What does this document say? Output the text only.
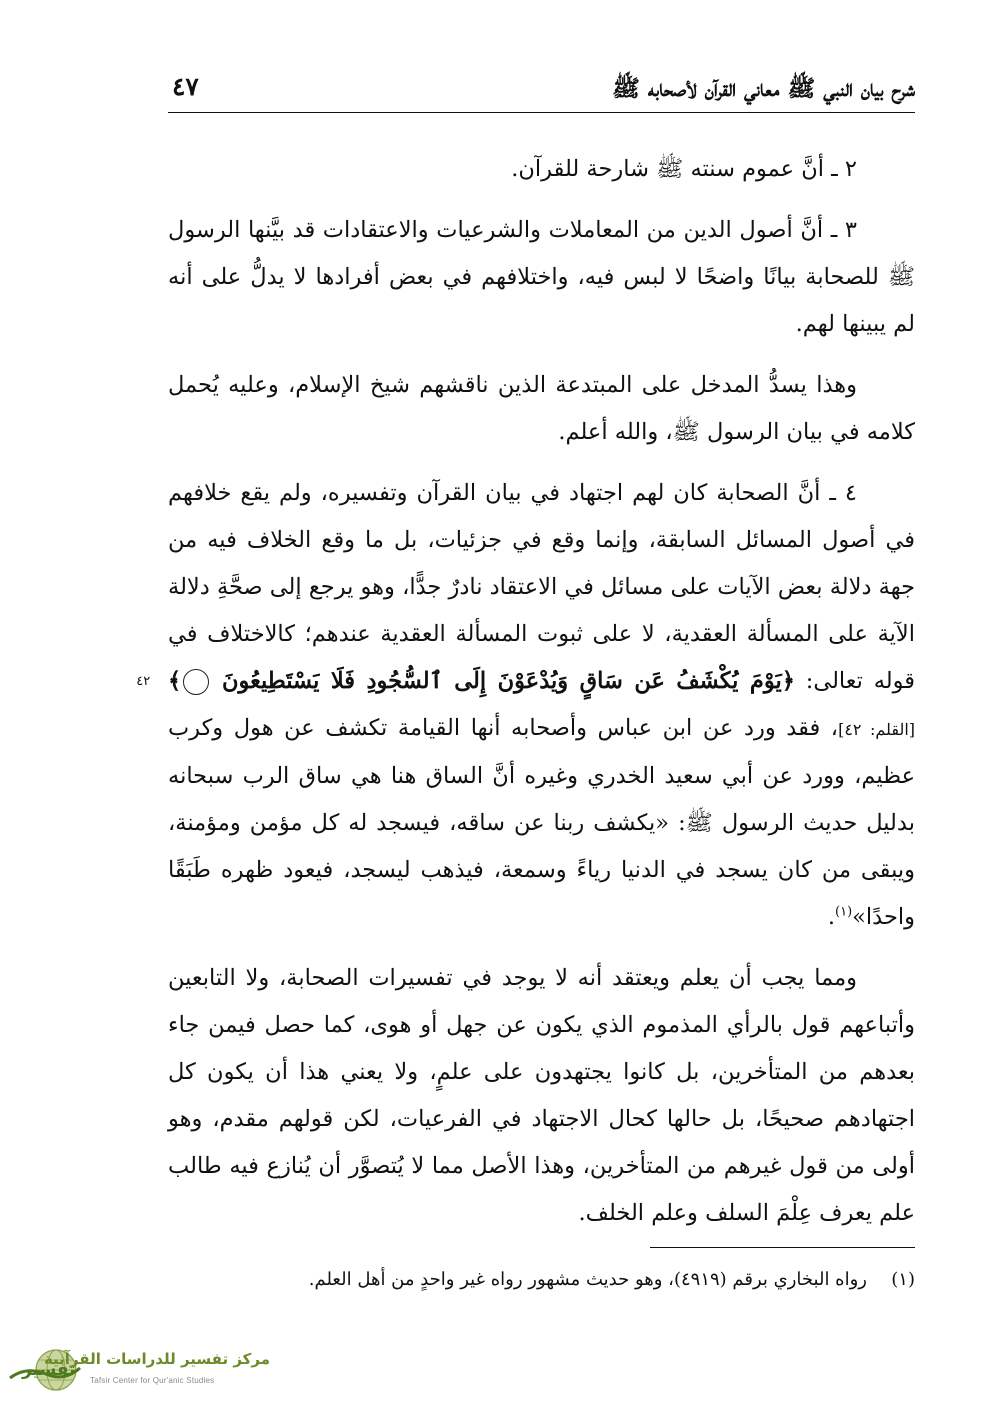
شرح بيان النبي ﷺ معاني القرآن لأصحابه ﷺ
٤٧

٢ ـ أنَّ عموم سنته ﷺ شارحة للقرآن.

٣ ـ أنَّ أصول الدين من المعاملات والشرعيات والاعتقادات قد بيَّنها الرسول ﷺ للصحابة بيانًا واضحًا لا لبس فيه، واختلافهم في بعض أفرادها لا يدلُّ على أنه لم يبينها لهم.

وهذا يسدُّ المدخل على المبتدعة الذين ناقشهم شيخ الإسلام، وعليه يُحمل كلامه في بيان الرسول ﷺ، والله أعلم.

٤ ـ أنَّ الصحابة كان لهم اجتهاد في بيان القرآن وتفسيره، ولم يقع خلافهم في أصول المسائل السابقة، وإنما وقع في جزئيات، بل ما وقع الخلاف فيه من جهة دلالة بعض الآيات على مسائل في الاعتقاد نادرٌ جدًّا، وهو يرجع إلى صحَّةِ دلالة الآية على المسألة العقدية، لا على ثبوت المسألة العقدية عندهم؛ كالاختلاف في قوله تعالى: ﴿يَوْمَ يُكْشَفُ عَن سَاقٍ وَيُدْعَوْنَ إِلَى ٱلسُّجُودِ فَلَا يَسْتَطِيعُونَ ٤٢ ﴾ [القلم: ٤٢]، فقد ورد عن ابن عباس وأصحابه أنها القيامة تكشف عن هول وكرب عظيم، وورد عن أبي سعيد الخدري وغيره أنَّ الساق هنا هي ساق الرب سبحانه بدليل حديث الرسول ﷺ: «يكشف ربنا عن ساقه، فيسجد له كل مؤمن ومؤمنة، ويبقى من كان يسجد في الدنيا رياءً وسمعة، فيذهب ليسجد، فيعود ظهره طَبَقًا واحدًا»$^{(١)}$.

ومما يجب أن يعلم ويعتقد أنه لا يوجد في تفسيرات الصحابة، ولا التابعين وأتباعهم قول بالرأي المذموم الذي يكون عن جهل أو هوى، كما حصل فيمن جاء بعدهم من المتأخرين، بل كانوا يجتهدون على علمٍ، ولا يعني هذا أن يكون كل اجتهادهم صحيحًا، بل حالها كحال الاجتهاد في الفرعيات، لكن قولهم مقدم، وهو أولى من قول غيرهم من المتأخرين، وهذا الأصل مما لا يُتصوَّر أن يُنازع فيه طالب علم يعرف عِلْمَ السلف وعلم الخلف.

(١)رواه البخاري برقم (٤٩١٩)، وهو حديث مشهور رواه غير واحدٍ من أهل العلم.
تفسير
مركز تفسير للدراسات القرآنية
Tafsir Center for Qur'anic Studies
